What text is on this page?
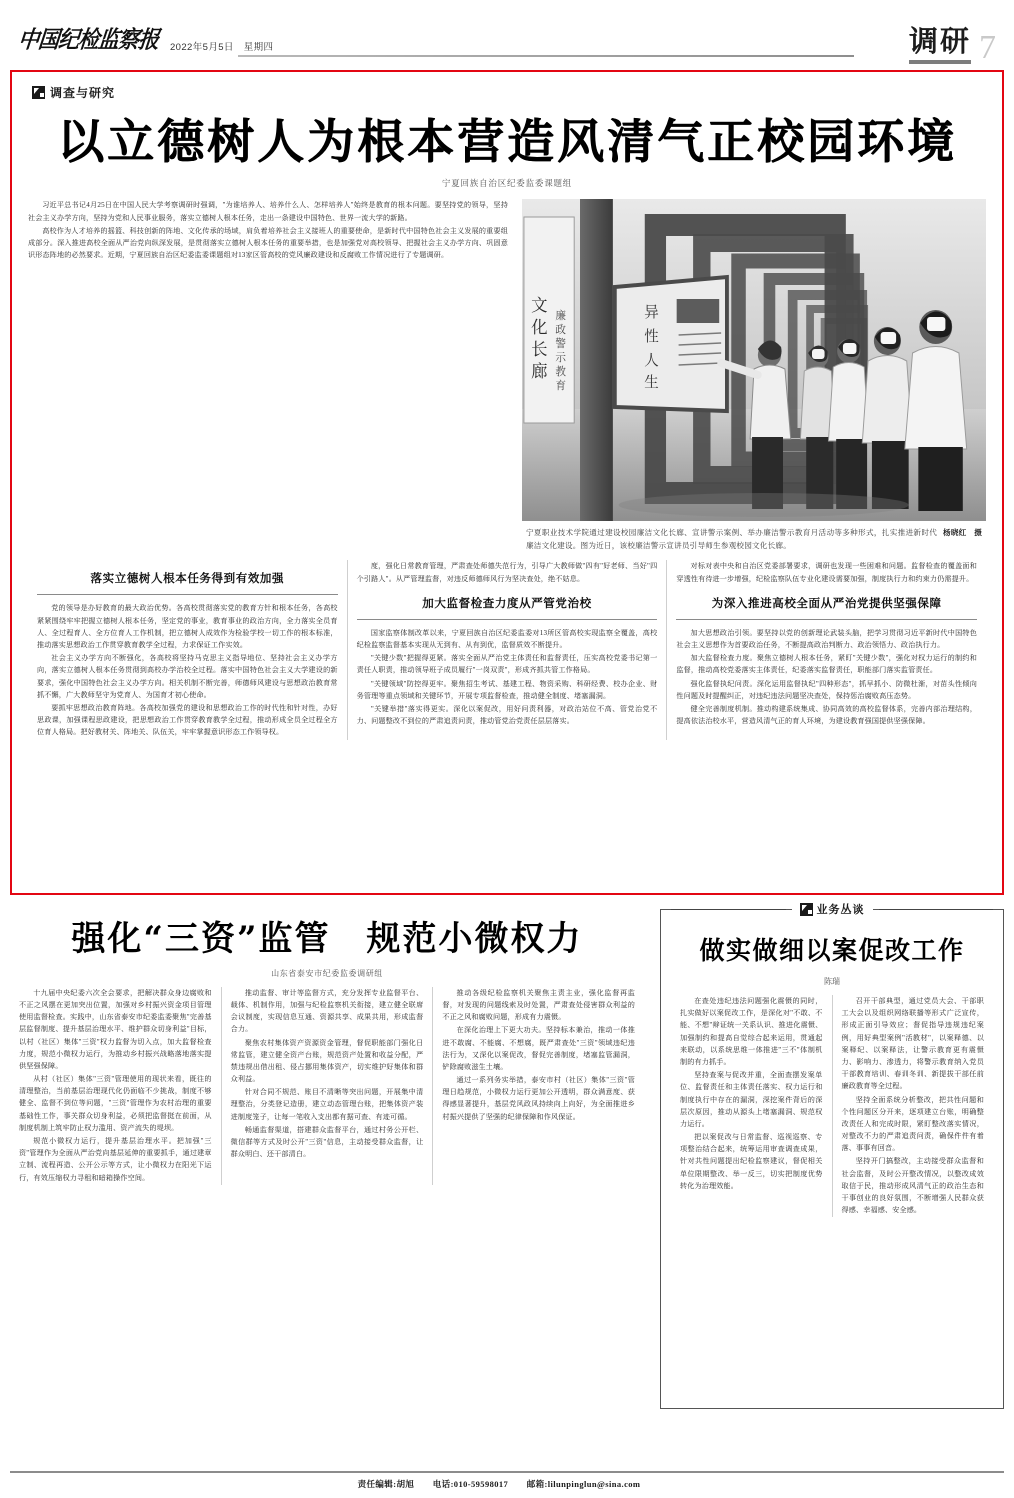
中国纪检监察报 2022年5月5日　星期四	调研 7
调查与研究
以立德树人为根本营造风清气正校园环境
宁夏回族自治区纪委监委课题组

习近平总书记4月25日在中国人民大学考察调研时强调，"为谁培养人、培养什么人、怎样培养人"始终是教育的根本问题。要坚持党的领导，坚持社会主义办学方向，坚持为党和人民事业服务，落实立德树人根本任务，走出一条建设中国特色、世界一流大学的新路。

高校作为人才培养的摇篮、科技创新的阵地、文化传承的场域，肩负着培养社会主义接班人的重要使命，是新时代中国特色社会主义发展的重要组成部分。深入推进高校全面从严治党向纵深发展，是贯彻落实立德树人根本任务的重要举措，也是加强党对高校领导、把握社会主义办学方向、巩固意识形态阵地的必然要求。近期，宁夏回族自治区纪委监委课题组对13家区管高校的党风廉政建设和反腐败工作情况进行了专题调研。

文
化
长
廊
廉
政
警
示
教
育
异
性
人
生
杨晓红　摄
宁夏职业技术学院通过建设校园廉洁文化长廊、宣讲警示案例、举办廉洁警示教育月活动等多种形式，扎实推进新时代廉洁文化建设。图为近日，该校廉洁警示宣讲员引导师生参观校园文化长廊。
落实立德树人根本任务得到有效加强

党的领导是办好教育的最大政治优势。各高校贯彻落实党的教育方针和根本任务，各高校紧紧围绕牢牢把握立德树人根本任务，坚定党的事业，教育事业的政治方向，全力落实全员育人、全过程育人、全方位育人工作机制，把立德树人成效作为检验学校一切工作的根本标准，推动落实思想政治工作贯穿教育教学全过程，力求保证工作实效。

社会主义办学方向不断强化，各高校将坚持马克思主义指导地位、坚持社会主义办学方向，落实立德树人根本任务贯彻到高校办学治校全过程。落实中国特色社会主义大学建设的新要求，强化中国特色社会主义办学方向。相关机制不断完善，师德师风建设与思想政治教育常抓不懈，广大教师坚守为党育人、为国育才初心使命。

要抓牢思想政治教育阵地。各高校加强党的建设和思想政治工作的时代性和针对性，办好思政课，加强课程思政建设，把思想政治工作贯穿教育教学全过程，推动形成全员全过程全方位育人格局。把好教材关、阵地关、队伍关，牢牢掌握意识形态工作领导权。

度，强化日常教育管理，严肃查处师德失范行为，引导广大教师做"四有"好老师、当好"四个引路人"。从严管理监督，对违反师德师风行为坚决查处，绝不姑息。

加大监督检查力度从严管党治校

国家监察体制改革以来，宁夏回族自治区纪委监委对13所区管高校实现监察全覆盖，高校纪检监察监督基本实现从无到有、从有到优，监督质效不断提升。

"关键少数"把握得更紧。落实全面从严治党主体责任和监督责任，压实高校党委书记第一责任人职责，推动领导班子成员履行"一岗双责"，形成齐抓共管工作格局。

"关键领域"防控得更牢。聚焦招生考试、基建工程、物资采购、科研经费、校办企业、财务管理等重点领域和关键环节，开展专项监督检查，推动健全制度、堵塞漏洞。

"关键举措"落实得更实。深化以案促改，用好问责利器，对政治站位不高、管党治党不力、问题整改不到位的严肃追责问责，推动管党治党责任层层落实。

对标对表中央和自治区党委部署要求，调研也发现一些困难和问题。监督检查的覆盖面和穿透性有待进一步增强，纪检监察队伍专业化建设需要加强，制度执行力和约束力仍需提升。

为深入推进高校全面从严治党提供坚强保障

加大思想政治引领。要坚持以党的创新理论武装头脑，把学习贯彻习近平新时代中国特色社会主义思想作为首要政治任务，不断提高政治判断力、政治领悟力、政治执行力。

加大监督检查力度。聚焦立德树人根本任务，紧盯"关键少数"，强化对权力运行的制约和监督，推动高校党委落实主体责任，纪委落实监督责任，职能部门落实监管责任。

强化监督执纪问责。深化运用监督执纪"四种形态"，抓早抓小、防微杜渐，对苗头性倾向性问题及时提醒纠正，对违纪违法问题坚决查处，保持惩治腐败高压态势。

健全完善制度机制。推动构建系统集成、协同高效的高校监督体系，完善内部治理结构，提高依法治校水平，营造风清气正的育人环境，为建设教育强国提供坚强保障。

强化“三资”监管　规范小微权力
山东省泰安市纪委监委调研组

十九届中央纪委六次全会要求，把解决群众身边腐败和不正之风摆在更加突出位置，加强对乡村振兴资金项目管理使用监督检查。实践中，山东省泰安市纪委监委聚焦"完善基层监督制度、提升基层治理水平、维护群众切身利益"目标，以村（社区）集体"三资"权力监督为切入点，加大监督检查力度，规范小微权力运行，为推动乡村振兴战略落地落实提供坚强保障。

从村（社区）集体"三资"管理使用的现状来看，既往的清理整治，当前基层治理现代化仍面临不少挑战，制度不够健全、监督不到位等问题，"三资"管理作为农村治理的重要基础性工作，事关群众切身利益，必须把监督挺在前面，从制度机制上筑牢防止权力滥用、资产流失的堤坝。

规范小微权力运行，提升基层治理水平。把加强"三资"管理作为全面从严治党向基层延伸的重要抓手，通过建章立制、流程再造、公开公示等方式，让小微权力在阳光下运行，有效压缩权力寻租和暗箱操作空间。

推动监督、审计等监督方式，充分发挥专业监督平台、载体、机制作用，加强与纪检监察机关衔接，建立健全联席会议制度，实现信息互通、资源共享、成果共用，形成监督合力。

聚焦农村集体资产资源资金管理，督促职能部门强化日常监管，建立健全资产台账，规范资产处置和收益分配，严禁违规出借出租、侵占挪用集体资产，切实维护好集体和群众利益。

针对合同不规范、账目不清晰等突出问题，开展集中清理整治，分类登记造册，建立动态管理台账，把集体资产装进制度笼子，让每一笔收入支出都有据可查、有迹可循。

畅通监督渠道，搭建群众监督平台，通过村务公开栏、微信群等方式及时公开"三资"信息，主动接受群众监督，让群众明白、还干部清白。

推动各级纪检监察机关聚焦主责主业，强化监督再监督，对发现的问题线索及时处置，严肃查处侵害群众利益的不正之风和腐败问题，形成有力震慑。

在深化治理上下更大功夫。坚持标本兼治，推动一体推进不敢腐、不能腐、不想腐，既严肃查处"三资"领域违纪违法行为，又深化以案促改，督促完善制度，堵塞监管漏洞，铲除腐败滋生土壤。

通过一系列务实举措，泰安市村（社区）集体"三资"管理日趋规范，小微权力运行更加公开透明，群众满意度、获得感显著提升，基层党风政风持续向上向好，为全面推进乡村振兴提供了坚强的纪律保障和作风保证。

业务丛谈
做实做细以案促改工作
陈瑞

在查处违纪违法问题强化震慑的同时，扎实做好以案促改工作，是深化对"不敢、不能、不想"辩证统一关系认识、推进化震慑、加强制约和提高自觉综合起来运用，贯通起来联动，以系统思维一体推进"三不"体制机制的有力抓手。

坚持查案与促改并重，全面查摆发案单位、监督责任和主体责任落实、权力运行和制度执行中存在的漏洞，深挖案件背后的深层次原因，推动从源头上堵塞漏洞、规范权力运行。

把以案促改与日常监督、巡视巡察、专项整治结合起来，统筹运用审查调查成果，针对共性问题提出纪检监察建议，督促相关单位限期整改、举一反三，切实把制度优势转化为治理效能。

召开干部典型，通过党员大会、干部职工大会以及组织网络联播等形式广泛宣传，形成正面引导效应；督促指导违规违纪案例，用好典型案例"活教材"，以案释德、以案释纪、以案释法，让警示教育更有震慑力、影响力、渗透力，将警示教育纳入党员干部教育培训、春训冬训、新提拔干部任前廉政教育等全过程。

坚持全面系统分析整改，把共性问题和个性问题区分开来，逐项建立台账，明确整改责任人和完成时限，紧盯整改落实情况，对整改不力的严肃追责问责，确保件件有着落、事事有回音。

坚持开门搞整改，主动接受群众监督和社会监督，及时公开整改情况，以整改成效取信于民，推动形成风清气正的政治生态和干事创业的良好氛围，不断增强人民群众获得感、幸福感、安全感。

责任编辑:胡旭 电话:010-59598017 邮箱:lilunpinglun@sina.com
